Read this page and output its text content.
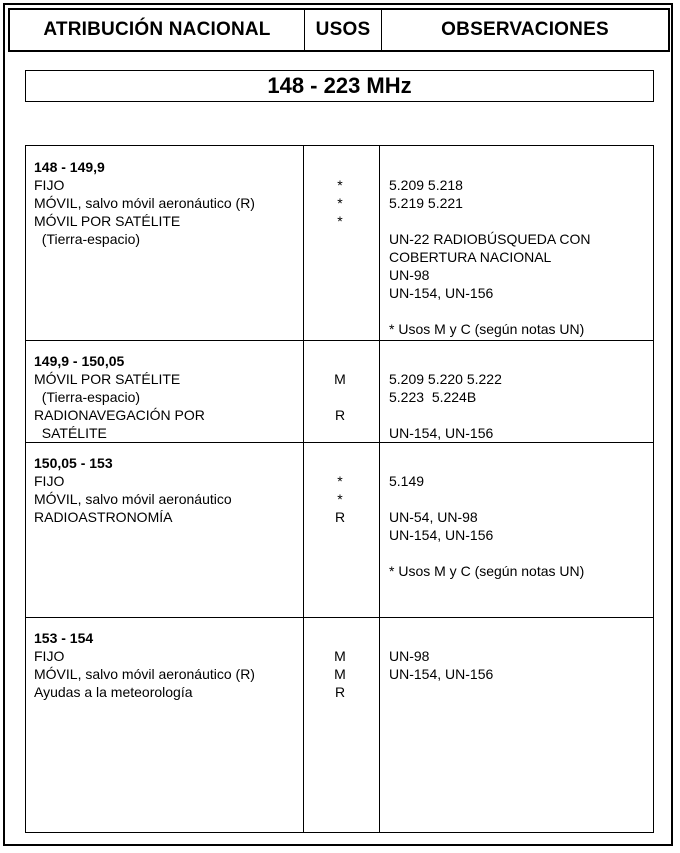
ATRIBUCIÓN NACIONAL	USOS	OBSERVACIONES
148 - 223 MHz
148 - 149,9
FIJO
MÓVIL, salvo móvil aeronáutico (R)
MÓVIL POR SATÉLITE
(Tierra-espacio)
*
*
*
5.209 5.218
5.219 5.221
UN-22 RADIOBÚSQUEDA CON
COBERTURA NACIONAL
UN-98
UN-154, UN-156
* Usos M y C (según notas UN)
149,9 - 150,05
MÓVIL POR SATÉLITE
(Tierra-espacio)
RADIONAVEGACIÓN POR
SATÉLITE
M
R
5.209 5.220 5.222
5.223  5.224B
UN-154, UN-156
150,05 - 153
FIJO
MÓVIL, salvo móvil aeronáutico
RADIOASTRONOMÍA
*
*
R
5.149
UN-54, UN-98
UN-154, UN-156
* Usos M y C (según notas UN)
153 - 154
FIJO
MÓVIL, salvo móvil aeronáutico (R)
Ayudas a la meteorología
M
M
R
UN-98
UN-154, UN-156
